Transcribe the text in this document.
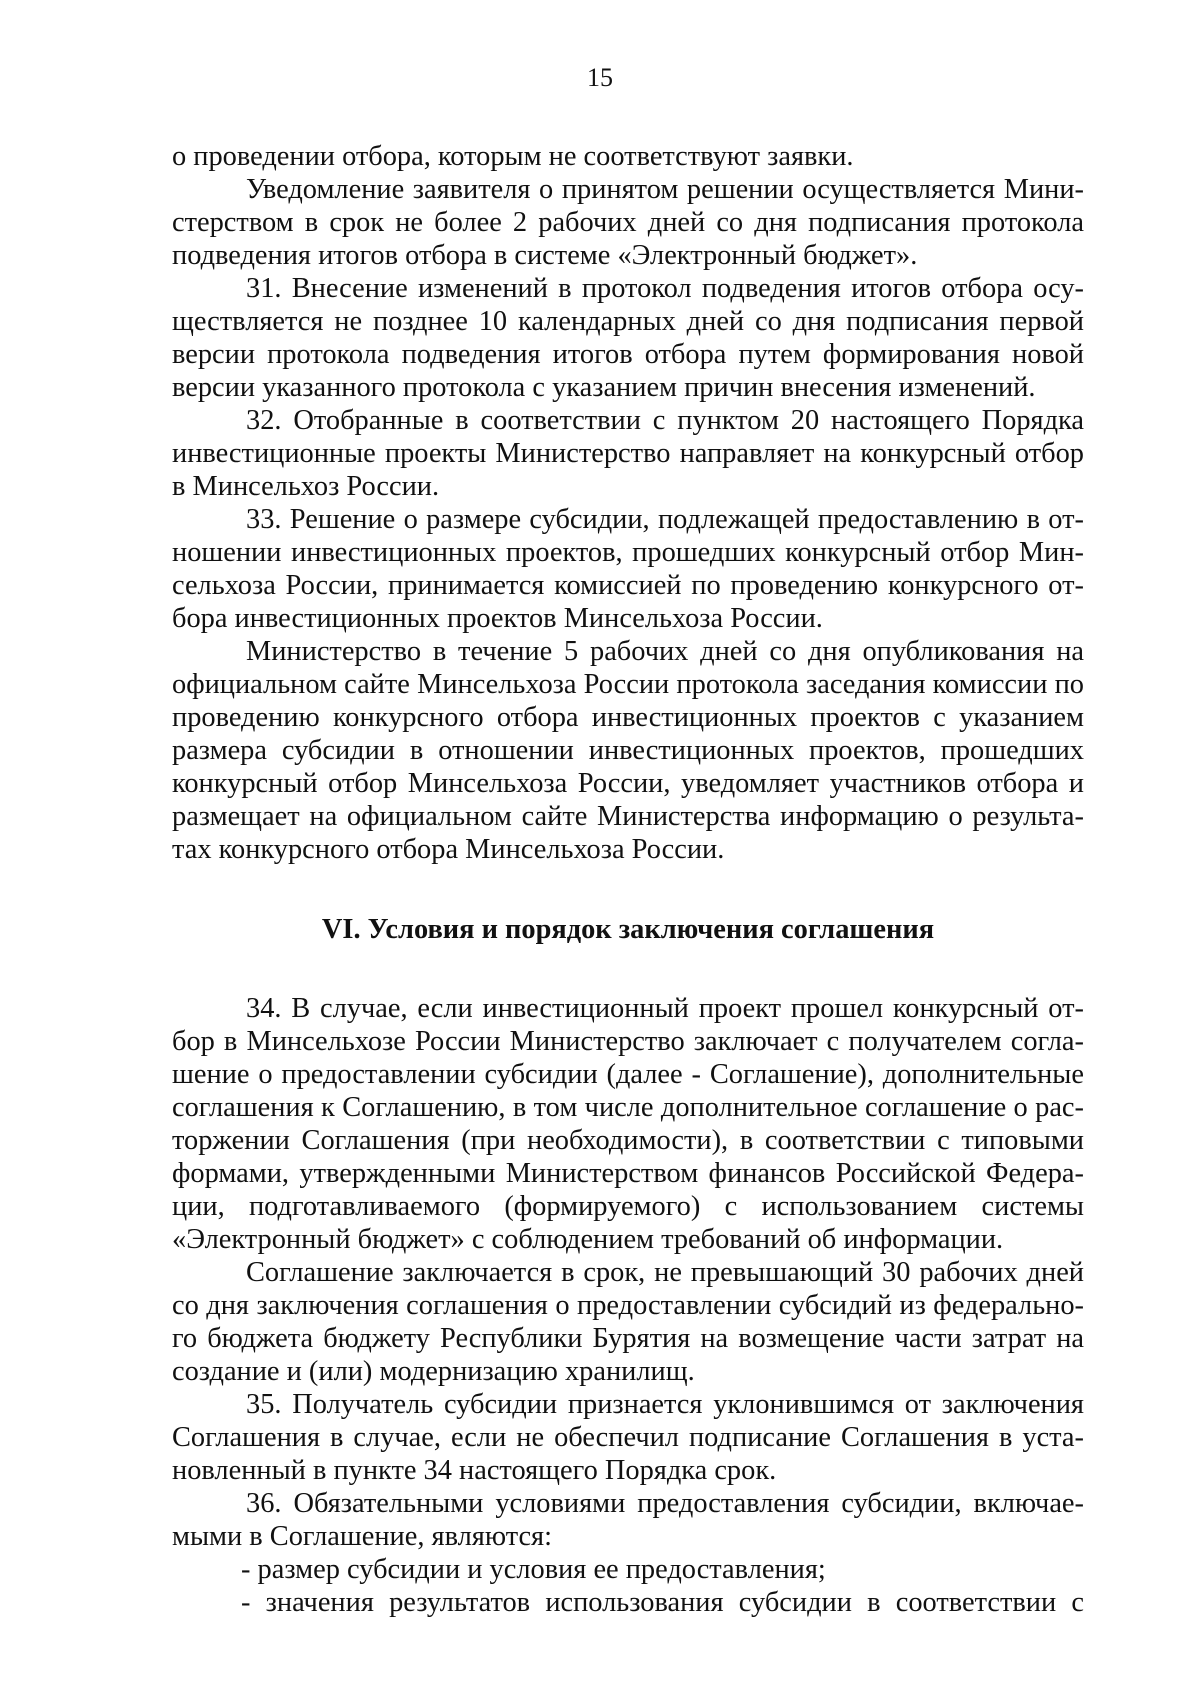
15

о проведении отбора, которым не соответствуют заявки.

Уведомление заявителя о принятом решении осуществляется Министерством в срок не более 2 рабочих дней со дня подписания протокола подведения итогов отбора в системе «Электронный бюджет».

31. Внесение изменений в протокол подведения итогов отбора осуществляется не позднее 10 календарных дней со дня подписания первой версии протокола подведения итогов отбора путем формирования новой версии указанного протокола с указанием причин внесения изменений.

32. Отобранные в соответствии с пунктом 20 настоящего Порядка инвестиционные проекты Министерство направляет на конкурсный отбор в Минсельхоз России.

33. Решение о размере субсидии, подлежащей предоставлению в отношении инвестиционных проектов, прошедших конкурсный отбор Минсельхоза России, принимается комиссией по проведению конкурсного отбора инвестиционных проектов Минсельхоза России.

Министерство в течение 5 рабочих дней со дня опубликования на официальном сайте Минсельхоза России протокола заседания комиссии по проведению конкурсного отбора инвестиционных проектов с указанием размера субсидии в отношении инвестиционных проектов, прошедших конкурсный отбор Минсельхоза России, уведомляет участников отбора и размещает на официальном сайте Министерства информацию о результатах конкурсного отбора Минсельхоза России.

VI. Условия и порядок заключения соглашения

34. В случае, если инвестиционный проект прошел конкурсный отбор в Минсельхозе России Министерство заключает с получателем соглашение о предоставлении субсидии (далее - Соглашение), дополнительные соглашения к Соглашению, в том числе дополнительное соглашение о расторжении Соглашения (при необходимости), в соответствии с типовыми формами, утвержденными Министерством финансов Российской Федерации, подготавливаемого (формируемого) с использованием системы «Электронный бюджет» с соблюдением требований об информации.

Соглашение заключается в срок, не превышающий 30 рабочих дней со дня заключения соглашения о предоставлении субсидий из федерального бюджета бюджету Республики Бурятия на возмещение части затрат на создание и (или) модернизацию хранилищ.

35. Получатель субсидии признается уклонившимся от заключения Соглашения в случае, если не обеспечил подписание Соглашения в установленный в пункте 34 настоящего Порядка срок.

36. Обязательными условиями предоставления субсидии, включаемыми в Соглашение, являются:

- размер субсидии и условия ее предоставления;

- значения результатов использования субсидии в соответствии с
